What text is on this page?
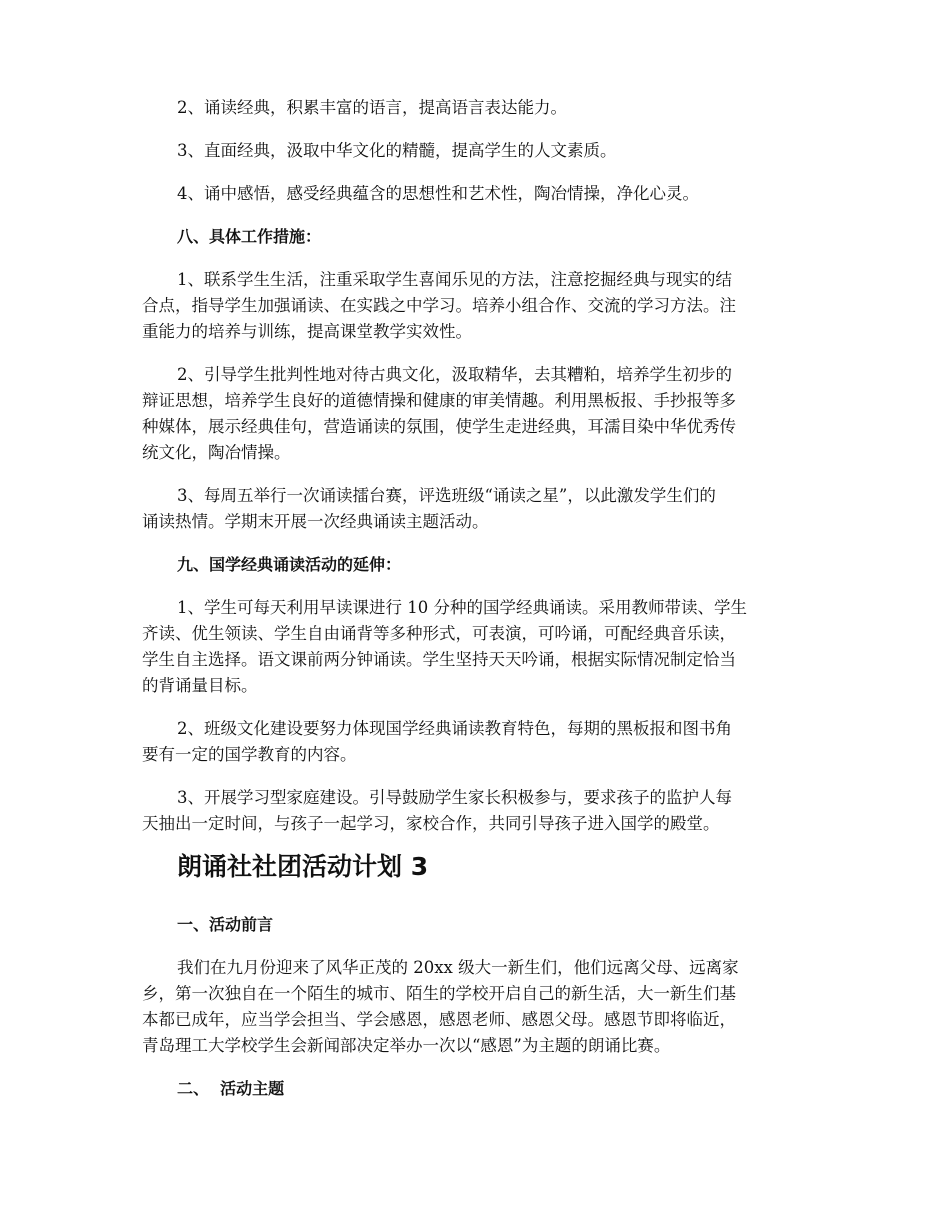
2、诵读经典，积累丰富的语言，提高语言表达能力。
3、直面经典，汲取中华文化的精髓，提高学生的人文素质。
4、诵中感悟，感受经典蕴含的思想性和艺术性，陶冶情操，净化心灵。
八、具体工作措施：
1、联系学生生活，注重采取学生喜闻乐见的方法，注意挖掘经典与现实的结
合点，指导学生加强诵读、在实践之中学习。培养小组合作、交流的学习方法。注
重能力的培养与训练，提高课堂教学实效性。
2、引导学生批判性地对待古典文化，汲取精华，去其糟粕，培养学生初步的
辩证思想，培养学生良好的道德情操和健康的审美情趣。利用黑板报、手抄报等多
种媒体，展示经典佳句，营造诵读的氛围，使学生走进经典，耳濡目染中华优秀传
统文化，陶冶情操。
3、每周五举行一次诵读擂台赛，评选班级“诵读之星”，以此激发学生们的
诵读热情。学期末开展一次经典诵读主题活动。
九、国学经典诵读活动的延伸：
1、学生可每天利用早读课进行 10 分种的国学经典诵读。采用教师带读、学生
齐读、优生领读、学生自由诵背等多种形式，可表演，可吟诵，可配经典音乐读，
学生自主选择。语文课前两分钟诵读。学生坚持天天吟诵，根据实际情况制定恰当
的背诵量目标。
2、班级文化建设要努力体现国学经典诵读教育特色，每期的黑板报和图书角
要有一定的国学教育的内容。
3、开展学习型家庭建设。引导鼓励学生家长积极参与，要求孩子的监护人每
天抽出一定时间，与孩子一起学习，家校合作，共同引导孩子进入国学的殿堂。
朗诵社社团活动计划 3
一、活动前言
我们在九月份迎来了风华正茂的 20xx 级大一新生们，他们远离父母、远离家
乡，第一次独自在一个陌生的城市、陌生的学校开启自己的新生活，大一新生们基
本都已成年，应当学会担当、学会感恩，感恩老师、感恩父母。感恩节即将临近，
青岛理工大学校学生会新闻部决定举办一次以“感恩”为主题的朗诵比赛。
二、  活动主题
